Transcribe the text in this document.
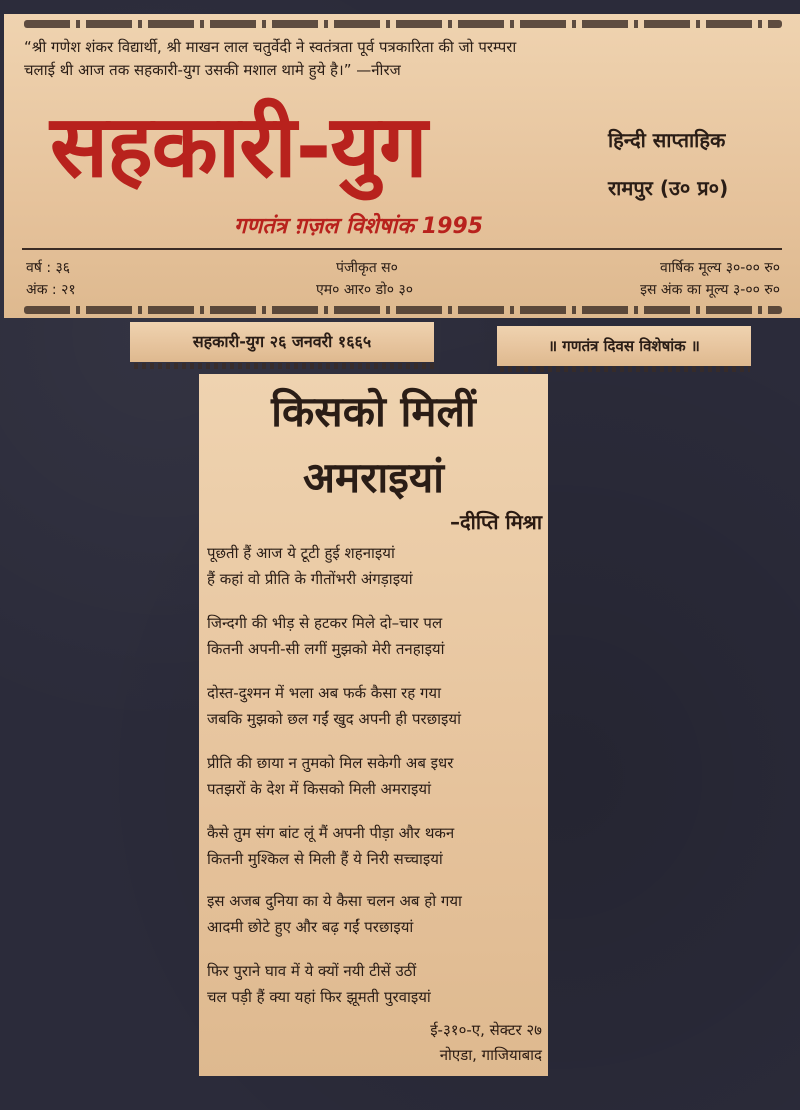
“श्री गणेश शंकर विद्यार्थी, श्री माखन लाल चतुर्वेदी ने स्वतंत्रता पूर्व पत्रकारिता की जो परम्परा
चलाई थी आज तक सहकारी-युग उसकी मशाल थामे हुये है।” —नीरज
सहकारी-युग	हिन्दी साप्ताहिक
रामपुर (उ० प्र०)
गणतंत्र ग़ज़ल विशेषांक 1995
वर्ष : ३६	पंजीकृत स०	वार्षिक मूल्य ३०-०० रु०
अंक : २१	एम० आर० डो० ३०	इस अंक का मूल्य ३-०० रु०
सहकारी-युग २६ जनवरी १६६५	॥ गणतंत्र दिवस विशेषांक ॥
किसको मिलीं
अमराइयां
–दीप्ति मिश्रा
पूछती हैं आज ये टूटी हुई शहनाइयां
हैं कहां वो प्रीति के गीतोंभरी अंगड़ाइयां
जिन्दगी की भीड़ से हटकर मिले दो–चार पल
कितनी अपनी-सी लगीं मुझको मेरी तनहाइयां
दोस्त-दुश्मन में भला अब फर्क कैसा रह गया
जबकि मुझको छल गईं खुद अपनी ही परछाइयां
प्रीति की छाया न तुमको मिल सकेगी अब इधर
पतझरों के देश में किसको मिली अमराइयां
कैसे तुम संग बांट लूं मैं अपनी पीड़ा और थकन
कितनी मुश्किल से मिली हैं ये निरी सच्चाइयां
इस अजब दुनिया का ये कैसा चलन अब हो गया
आदमी छोटे हुए और बढ़ गईं परछाइयां
फिर पुराने घाव में ये क्यों नयी टीसें उठीं
चल पड़ी हैं क्या यहां फिर झूमती पुरवाइयां
ई-३१०-ए, सेक्टर २७
नोएडा, गाजियाबाद
